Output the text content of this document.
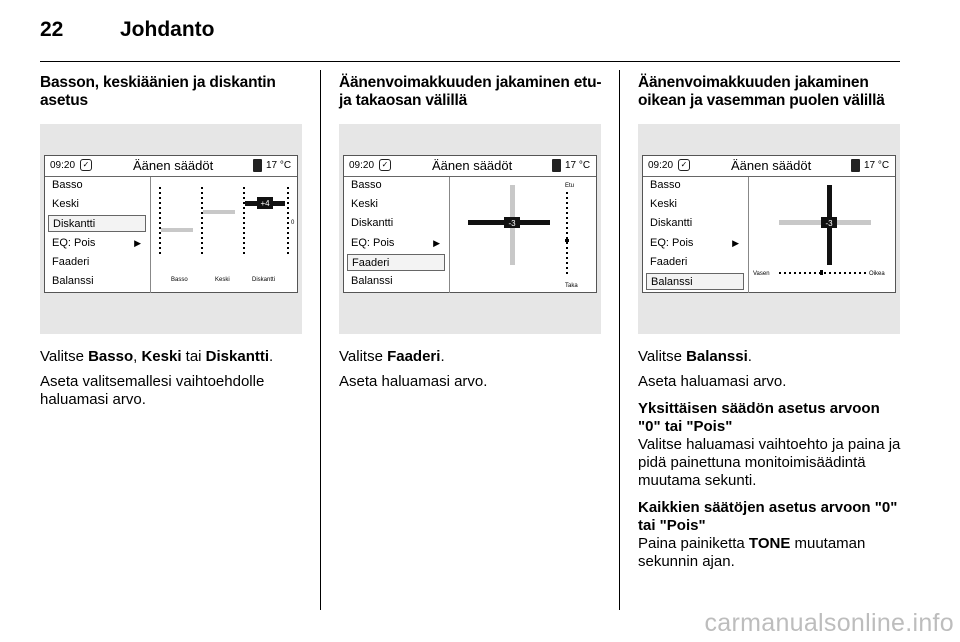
22	Johdanto

Basson, keskiäänien ja diskantin asetus

09:20 ✓	Äänen säädöt	17 °C
Basso
Keski
Diskantti
EQ: Pois	▶
Faaderi
Balanssi
+4
0
Basso	Keski	Diskantti

Valitse Basso, Keski tai Diskantti.

Aseta valitsemallesi vaihtoehdolle haluamasi arvo.

Äänenvoimakkuuden jakaminen etu- ja takaosan välillä

09:20 ✓	Äänen säädöt	17 °C
Basso
Keski
Diskantti
EQ: Pois	▶
Faaderi
Balanssi
-3
Etu
Taka

Valitse Faaderi.

Aseta haluamasi arvo.

Äänenvoimakkuuden jakaminen oikean ja vasemman puolen välillä

09:20 ✓	Äänen säädöt	17 °C
Basso
Keski
Diskantti
EQ: Pois	▶
Faaderi
Balanssi
-3
Vasen	Oikea

Valitse Balanssi.

Aseta haluamasi arvo.

Yksittäisen säädön asetus arvoon "0" tai "Pois"

Valitse haluamasi vaihtoehto ja paina ja pidä painettuna monitoimisäädintä muutama sekunti.

Kaikkien säätöjen asetus arvoon "0" tai "Pois"

Paina painiketta TONE muutaman sekunnin ajan.

carmanualsonline.info
